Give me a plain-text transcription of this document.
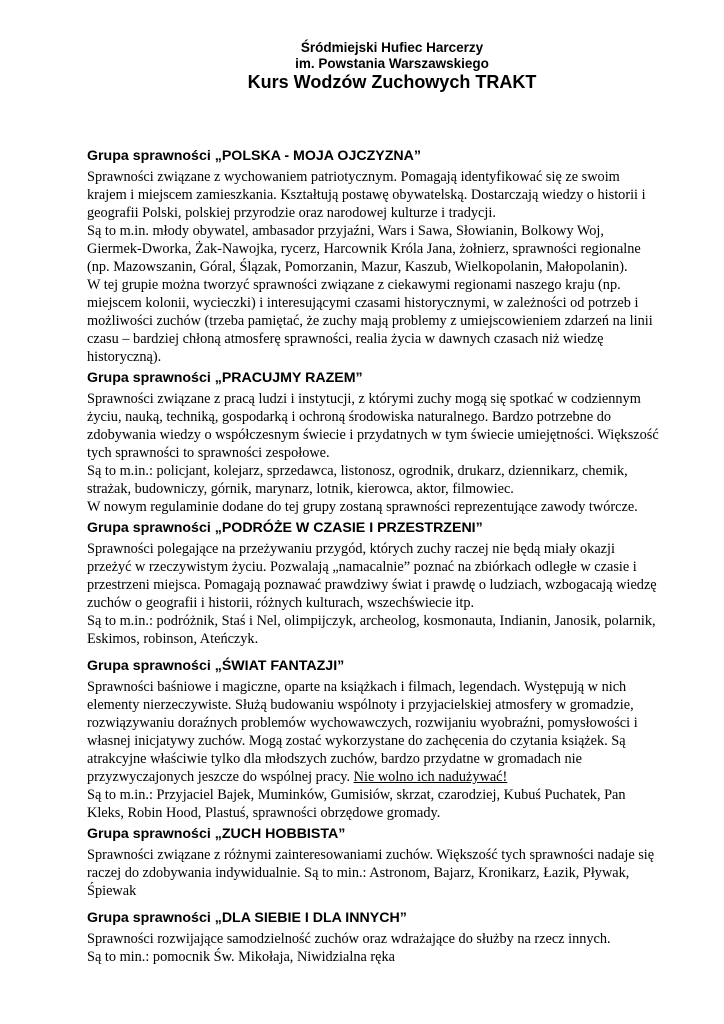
Śródmiejski Hufiec Harcerzy
im. Powstania Warszawskiego
Kurs Wodzów Zuchowych TRAKT
Grupa sprawności „POLSKA - MOJA OJCZYZNA”

Sprawności związane z wychowaniem patriotycznym. Pomagają identyfikować się ze swoim

krajem i miejscem zamieszkania. Kształtują postawę obywatelską. Dostarczają wiedzy o historii i

geografii Polski, polskiej przyrodzie oraz narodowej kulturze i tradycji.

Są to m.in. młody obywatel, ambasador przyjaźni, Wars i Sawa, Słowianin, Bolkowy Woj,

Giermek-Dworka, Żak-Nawojka, rycerz, Harcownik Króla Jana, żołnierz, sprawności regionalne

(np. Mazowszanin, Góral, Ślązak, Pomorzanin, Mazur, Kaszub, Wielkopolanin, Małopolanin).

W tej grupie można tworzyć sprawności związane z ciekawymi regionami naszego kraju (np.

miejscem kolonii, wycieczki) i interesującymi czasami historycznymi, w zależności od potrzeb i

możliwości zuchów (trzeba pamiętać, że zuchy mają problemy z umiejscowieniem zdarzeń na linii

czasu – bardziej chłoną atmosferę sprawności, realia życia w dawnych czasach niż wiedzę

historyczną).

Grupa sprawności „PRACUJMY RAZEM”

Sprawności związane z pracą ludzi i instytucji, z którymi zuchy mogą się spotkać w codziennym

życiu, nauką, techniką, gospodarką i ochroną środowiska naturalnego. Bardzo potrzebne do

zdobywania wiedzy o współczesnym świecie i przydatnych w tym świecie umiejętności. Większość

tych sprawności to sprawności zespołowe.

Są to m.in.: policjant, kolejarz, sprzedawca, listonosz, ogrodnik, drukarz, dziennikarz, chemik,

strażak, budowniczy, górnik, marynarz, lotnik, kierowca, aktor, filmowiec.

W nowym regulaminie dodane do tej grupy zostaną sprawności reprezentujące zawody twórcze.

Grupa sprawności „PODRÓŻE W CZASIE I PRZESTRZENI”

Sprawności polegające na przeżywaniu przygód, których zuchy raczej nie będą miały okazji

przeżyć w rzeczywistym życiu. Pozwalają „namacalnie” poznać na zbiórkach odległe w czasie i

przestrzeni miejsca. Pomagają poznawać prawdziwy świat i prawdę o ludziach, wzbogacają wiedzę

zuchów o geografii i historii, różnych kulturach, wszechświecie itp.

Są to m.in.: podróżnik, Staś i Nel, olimpijczyk, archeolog, kosmonauta, Indianin, Janosik, polarnik,

Eskimos, robinson, Ateńczyk.

Grupa sprawności „ŚWIAT FANTAZJI”

Sprawności baśniowe i magiczne, oparte na książkach i filmach, legendach. Występują w nich

elementy nierzeczywiste. Służą budowaniu wspólnoty i przyjacielskiej atmosfery w gromadzie,

rozwiązywaniu doraźnych problemów wychowawczych, rozwijaniu wyobraźni, pomysłowości i

własnej inicjatywy zuchów. Mogą zostać wykorzystane do zachęcenia do czytania książek. Są

atrakcyjne właściwie tylko dla młodszych zuchów, bardzo przydatne w gromadach nie

przyzwyczajonych jeszcze do wspólnej pracy. Nie wolno ich nadużywać!

Są to m.in.: Przyjaciel Bajek, Muminków, Gumisiów, skrzat, czarodziej, Kubuś Puchatek, Pan

Kleks, Robin Hood, Plastuś, sprawności obrzędowe gromady.

Grupa sprawności „ZUCH HOBBISTA”

Sprawności związane z różnymi zainteresowaniami zuchów. Większość tych sprawności nadaje się

raczej do zdobywania indywidualnie. Są to min.: Astronom, Bajarz, Kronikarz, Łazik, Pływak,

Śpiewak

Grupa sprawności „DLA SIEBIE I DLA INNYCH”

Sprawności rozwijające samodzielność zuchów oraz wdrażające do służby na rzecz innych.

Są to min.: pomocnik Św. Mikołaja, Niwidzialna ręka
